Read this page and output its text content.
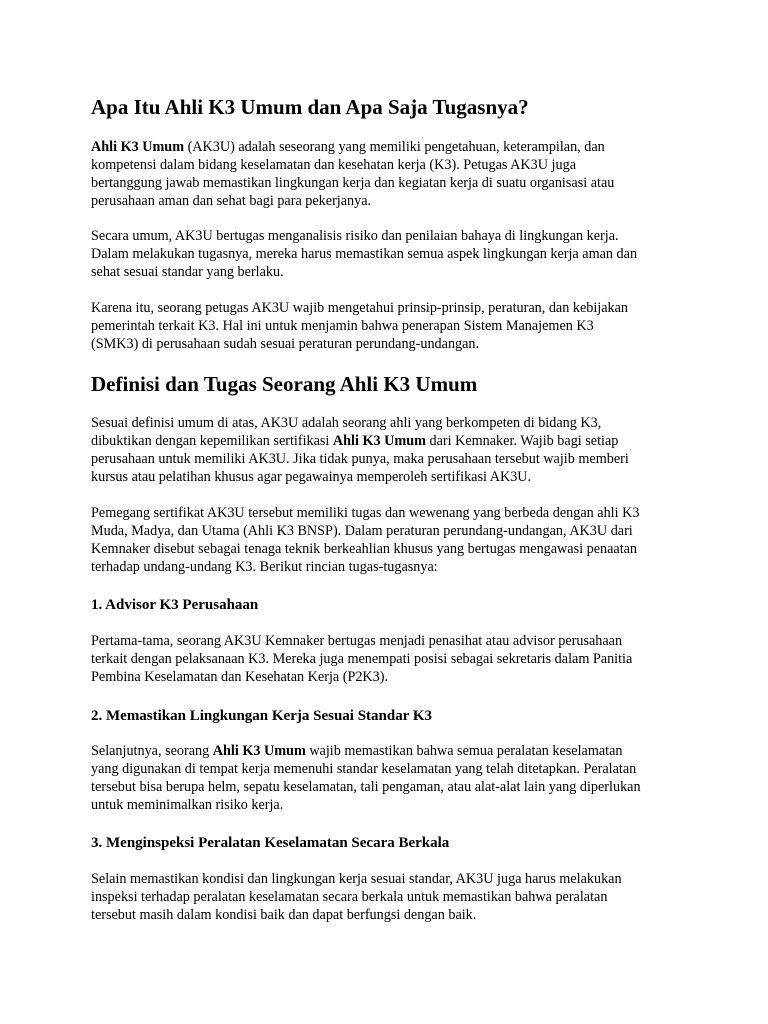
Apa Itu Ahli K3 Umum dan Apa Saja Tugasnya?
Ahli K3 Umum (AK3U) adalah seseorang yang memiliki pengetahuan, keterampilan, dan
kompetensi dalam bidang keselamatan dan kesehatan kerja (K3). Petugas AK3U juga
bertanggung jawab memastikan lingkungan kerja dan kegiatan kerja di suatu organisasi atau
perusahaan aman dan sehat bagi para pekerjanya.
Secara umum, AK3U bertugas menganalisis risiko dan penilaian bahaya di lingkungan kerja.
Dalam melakukan tugasnya, mereka harus memastikan semua aspek lingkungan kerja aman dan
sehat sesuai standar yang berlaku.
Karena itu, seorang petugas AK3U wajib mengetahui prinsip-prinsip, peraturan, dan kebijakan
pemerintah terkait K3. Hal ini untuk menjamin bahwa penerapan Sistem Manajemen K3
(SMK3) di perusahaan sudah sesuai peraturan perundang-undangan.
Definisi dan Tugas Seorang Ahli K3 Umum
Sesuai definisi umum di atas, AK3U adalah seorang ahli yang berkompeten di bidang K3,
dibuktikan dengan kepemilikan sertifikasi Ahli K3 Umum dari Kemnaker. Wajib bagi setiap
perusahaan untuk memiliki AK3U. Jika tidak punya, maka perusahaan tersebut wajib memberi
kursus atau pelatihan khusus agar pegawainya memperoleh sertifikasi AK3U.
Pemegang sertifikat AK3U tersebut memiliki tugas dan wewenang yang berbeda dengan ahli K3
Muda, Madya, dan Utama (Ahli K3 BNSP). Dalam peraturan perundang-undangan, AK3U dari
Kemnaker disebut sebagai tenaga teknik berkeahlian khusus yang bertugas mengawasi penaatan
terhadap undang-undang K3. Berikut rincian tugas-tugasnya:
1. Advisor K3 Perusahaan
Pertama-tama, seorang AK3U Kemnaker bertugas menjadi penasihat atau advisor perusahaan
terkait dengan pelaksanaan K3. Mereka juga menempati posisi sebagai sekretaris dalam Panitia
Pembina Keselamatan dan Kesehatan Kerja (P2K3).
2. Memastikan Lingkungan Kerja Sesuai Standar K3
Selanjutnya, seorang Ahli K3 Umum wajib memastikan bahwa semua peralatan keselamatan
yang digunakan di tempat kerja memenuhi standar keselamatan yang telah ditetapkan. Peralatan
tersebut bisa berupa helm, sepatu keselamatan, tali pengaman, atau alat-alat lain yang diperlukan
untuk meminimalkan risiko kerja.
3. Menginspeksi Peralatan Keselamatan Secara Berkala
Selain memastikan kondisi dan lingkungan kerja sesuai standar, AK3U juga harus melakukan
inspeksi terhadap peralatan keselamatan secara berkala untuk memastikan bahwa peralatan
tersebut masih dalam kondisi baik dan dapat berfungsi dengan baik.
